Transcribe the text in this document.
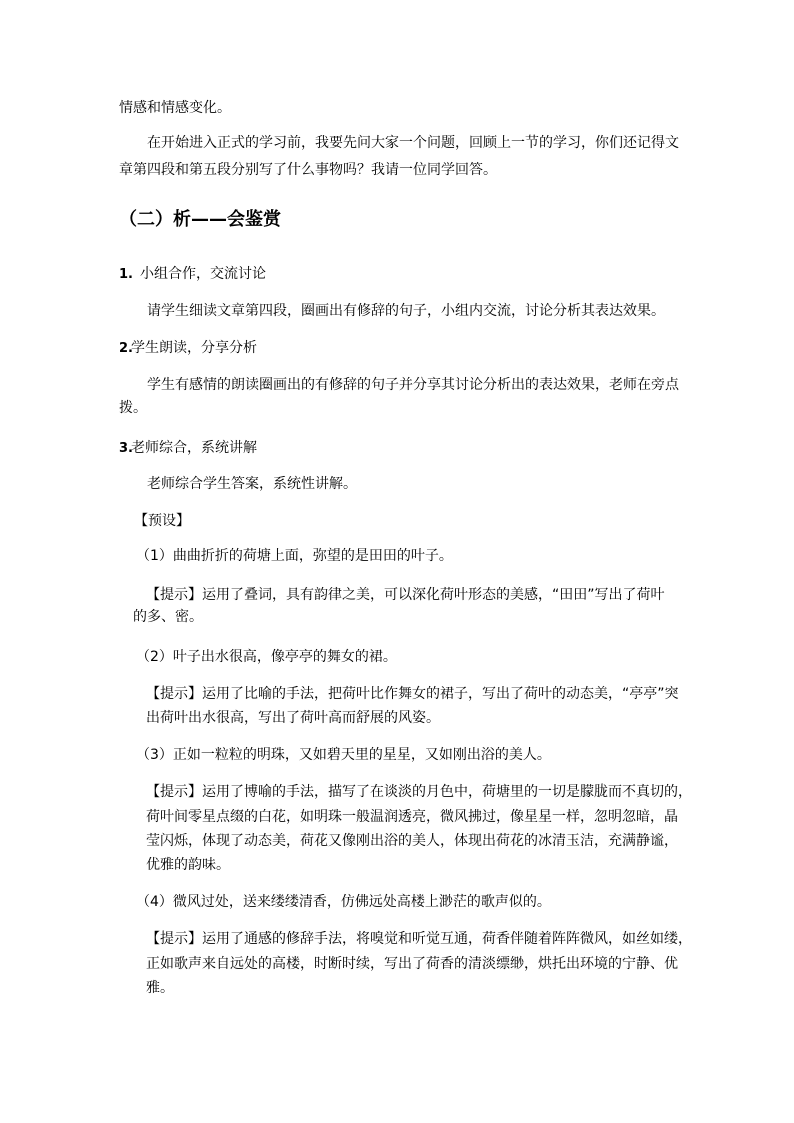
情感和情感变化。

在开始进入正式的学习前，我要先问大家一个问题，回顾上一节的学习，你们还记得文

章第四段和第五段分别写了什么事物吗？我请一位同学回答。

（二）析——会鉴赏

1. 小组合作，交流讨论

请学生细读文章第四段，圈画出有修辞的句子，小组内交流，讨论分析其表达效果。

2.

学生朗读，分享分析

学生有感情的朗读圈画出的有修辞的句子并分享其讨论分析出的表达效果，老师在旁点

拨。

3.

老师综合，系统讲解

老师综合学生答案，系统性讲解。

【预设】

（1）曲曲折折的荷塘上面，弥望的是田田的叶子。

【提示】运用了叠词，具有韵律之美，可以深化荷叶形态的美感，“田田”写出了荷叶

的多、密。

（2）叶子出水很高，像亭亭的舞女的裙。

【提示】运用了比喻的手法，把荷叶比作舞女的裙子，写出了荷叶的动态美，“亭亭”突

出荷叶出水很高，写出了荷叶高而舒展的风姿。

（3）正如一粒粒的明珠，又如碧天里的星星，又如刚出浴的美人。

【提示】运用了博喻的手法，描写了在谈淡的月色中，荷塘里的一切是朦胧而不真切的，

荷叶间零星点缀的白花，如明珠一般温润透亮，微风拂过，像星星一样，忽明忽暗，晶

莹闪烁，体现了动态美，荷花又像刚出浴的美人，体现出荷花的冰清玉洁，充满静谧，

优雅的韵味。

（4）微风过处，送来缕缕清香，仿佛远处高楼上渺茫的歌声似的。

【提示】运用了通感的修辞手法，将嗅觉和听觉互通，荷香伴随着阵阵微风，如丝如缕，

正如歌声来自远处的高楼，时断时续，写出了荷香的清淡缥缈，烘托出环境的宁静、优

雅。
